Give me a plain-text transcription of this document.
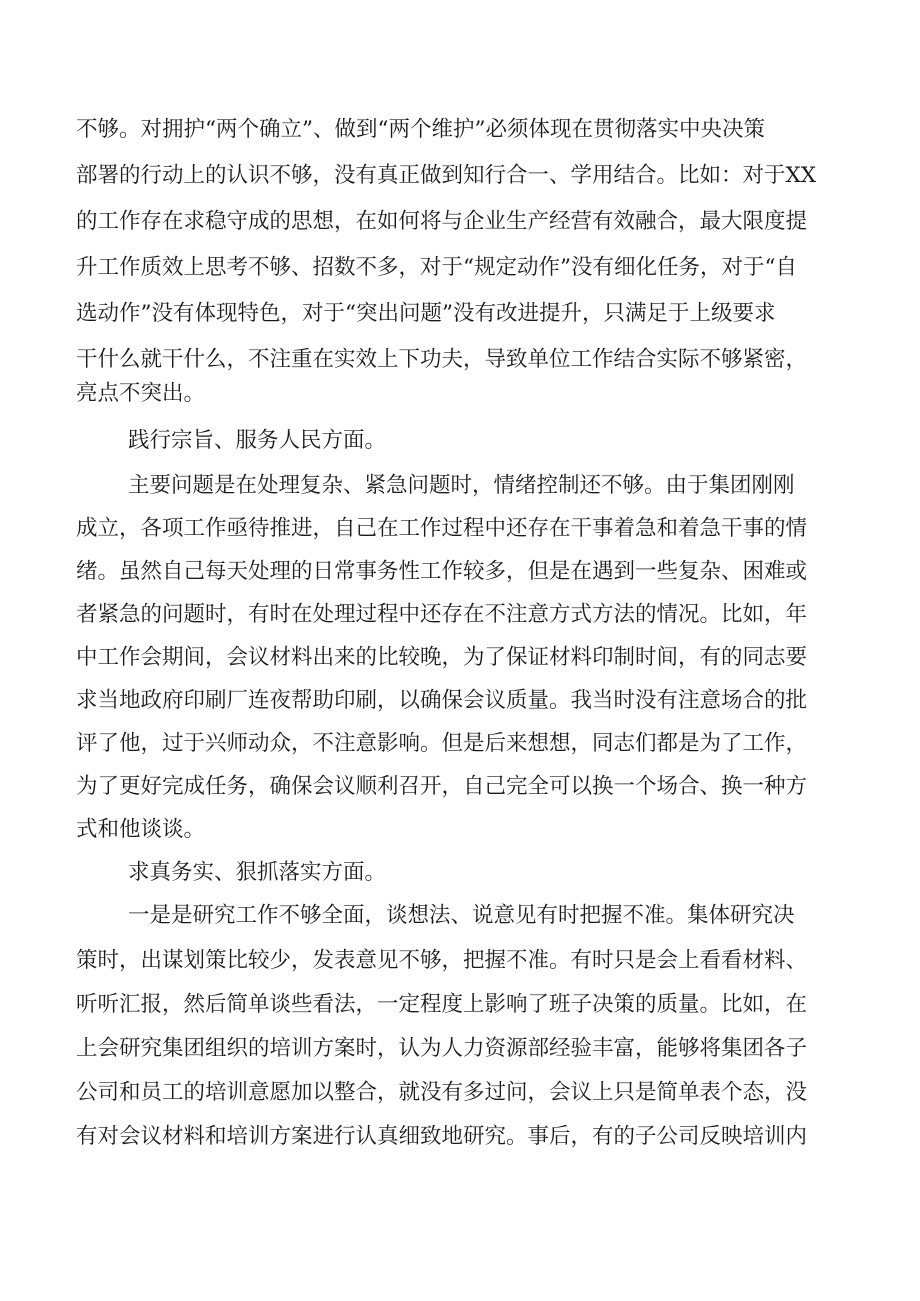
不够。对拥护“两个确立”、做到“两个维护”必须体现在贯彻落实中央决策
部署的行动上的认识不够，没有真正做到知行合一、学用结合。比如：对于XX
的工作存在求稳守成的思想，在如何将与企业生产经营有效融合，最大限度提
升工作质效上思考不够、招数不多，对于“规定动作”没有细化任务，对于“自
选动作”没有体现特色，对于“突出问题”没有改进提升，只满足于上级要求
干什么就干什么，不注重在实效上下功夫，导致单位工作结合实际不够紧密，
亮点不突出。
践行宗旨、服务人民方面。
主要问题是在处理复杂、紧急问题时，情绪控制还不够。由于集团刚刚
成立，各项工作亟待推进，自己在工作过程中还存在干事着急和着急干事的情
绪。虽然自己每天处理的日常事务性工作较多，但是在遇到一些复杂、困难或
者紧急的问题时，有时在处理过程中还存在不注意方式方法的情况。比如，年
中工作会期间，会议材料出来的比较晚，为了保证材料印制时间，有的同志要
求当地政府印刷厂连夜帮助印刷，以确保会议质量。我当时没有注意场合的批
评了他，过于兴师动众，不注意影响。但是后来想想，同志们都是为了工作，
为了更好完成任务，确保会议顺利召开，自己完全可以换一个场合、换一种方
式和他谈谈。
求真务实、狠抓落实方面。
一是是研究工作不够全面，谈想法、说意见有时把握不准。集体研究决
策时，出谋划策比较少，发表意见不够，把握不准。有时只是会上看看材料、
听听汇报，然后简单谈些看法，一定程度上影响了班子决策的质量。比如，在
上会研究集团组织的培训方案时，认为人力资源部经验丰富，能够将集团各子
公司和员工的培训意愿加以整合，就没有多过问，会议上只是简单表个态，没
有对会议材料和培训方案进行认真细致地研究。事后，有的子公司反映培训内
